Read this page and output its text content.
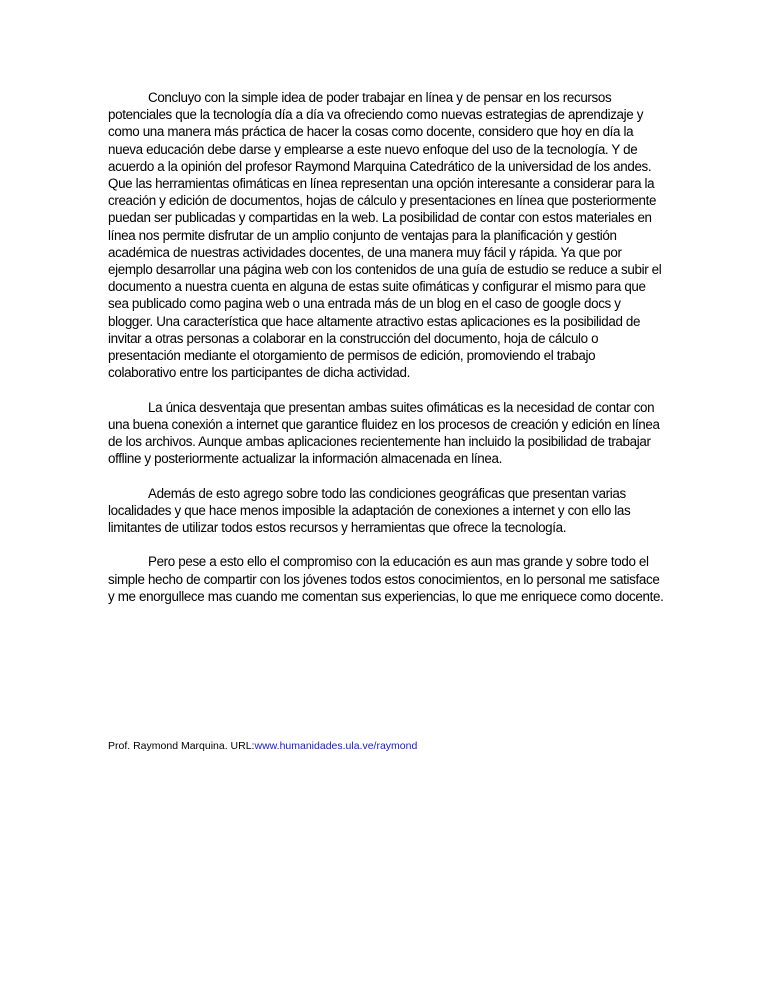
Concluyo con la simple idea de poder trabajar en línea y de pensar en los recursos potenciales que la tecnología día a día va ofreciendo como nuevas estrategias de aprendizaje y como una manera más práctica de hacer la cosas como docente, considero que hoy en día la nueva educación debe darse y emplearse a este nuevo enfoque del uso de la tecnología. Y de acuerdo a la opinión del profesor Raymond Marquina Catedrático de la universidad de los andes. Que las herramientas ofimáticas en línea representan una opción interesante a considerar para la creación y edición de documentos, hojas de cálculo y presentaciones en línea que posteriormente puedan ser publicadas y compartidas en la web. La posibilidad de contar con estos materiales en línea nos permite disfrutar de un amplio conjunto de ventajas para la planificación y gestión académica de nuestras actividades docentes, de una manera muy fácil y rápida. Ya que por ejemplo desarrollar una página web con los contenidos de una guía de estudio se reduce a subir el documento a nuestra cuenta en alguna de estas suite ofimáticas y configurar el mismo para que sea publicado como pagina web o una entrada más de un blog en el caso de google docs y blogger. Una característica que hace altamente atractivo estas aplicaciones es la posibilidad de invitar a otras personas a colaborar en la construcción del documento, hoja de cálculo o presentación mediante el otorgamiento de permisos de edición, promoviendo el trabajo colaborativo entre los participantes de dicha actividad.

La única desventaja que presentan ambas suites ofimáticas es la necesidad de contar con una buena conexión a internet que garantice fluidez en los procesos de creación y edición en línea de los archivos. Aunque ambas aplicaciones recientemente han incluido la posibilidad de trabajar offline y posteriormente actualizar la información almacenada en línea.

Además de esto agrego sobre todo las condiciones geográficas que presentan varias localidades y que hace menos imposible la adaptación de conexiones a internet y con ello las limitantes de utilizar todos estos recursos y herramientas que ofrece la tecnología.

Pero pese a esto ello el compromiso con la educación es aun mas grande y sobre todo el simple hecho de compartir con los jóvenes todos estos conocimientos, en lo personal me satisface y me enorgullece mas cuando me comentan sus experiencias, lo que me enriquece como docente.

Prof. Raymond Marquina. URL:www.humanidades.ula.ve/raymond
